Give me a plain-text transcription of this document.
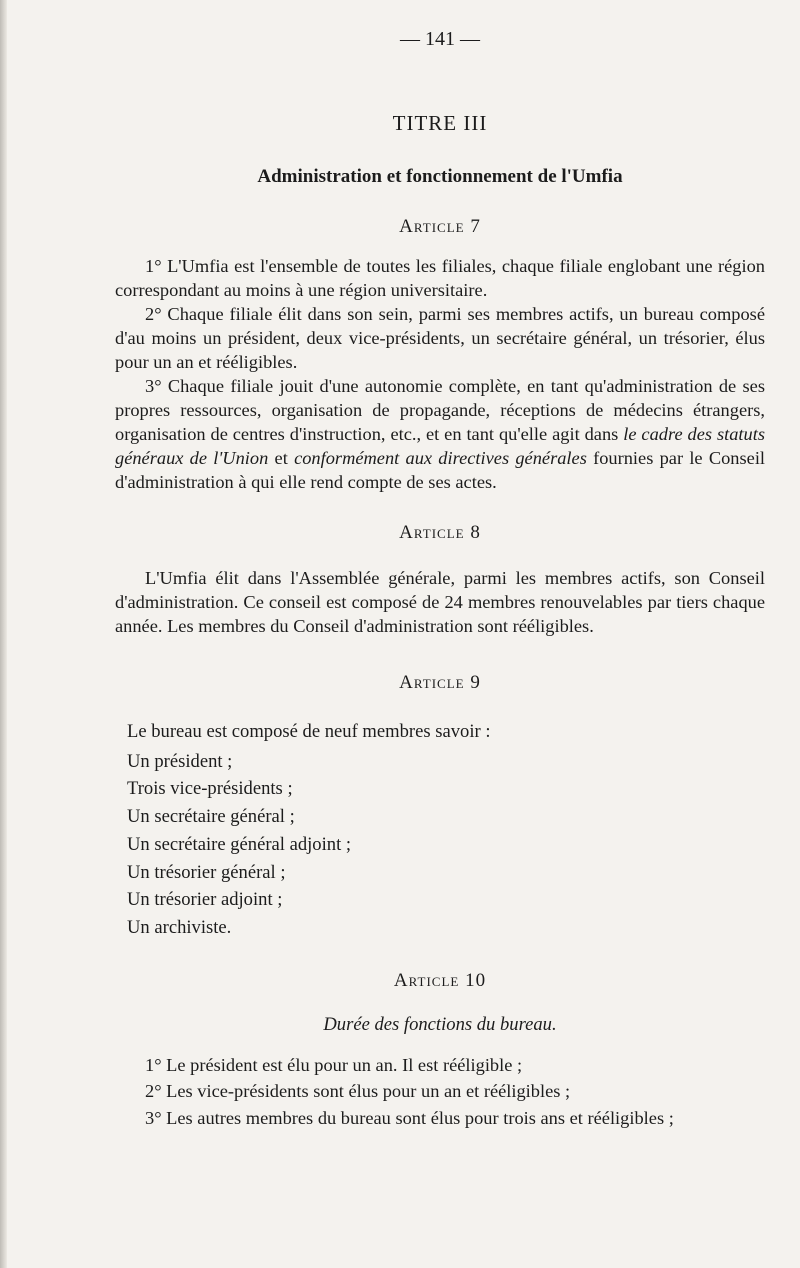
— 141 —
TITRE III
Administration et fonctionnement de l'Umfia
Article 7

1° L'Umfia est l'ensemble de toutes les filiales, chaque filiale englobant une région correspondant au moins à une région universitaire.

2° Chaque filiale élit dans son sein, parmi ses membres actifs, un bureau composé d'au moins un président, deux vice-présidents, un secrétaire général, un trésorier, élus pour un an et rééligibles.

3° Chaque filiale jouit d'une autonomie complète, en tant qu'administration de ses propres ressources, organisation de propagande, réceptions de médecins étrangers, organisation de centres d'instruction, etc., et en tant qu'elle agit dans le cadre des statuts généraux de l'Union et conformément aux directives générales fournies par le Conseil d'administration à qui elle rend compte de ses actes.

Article 8

L'Umfia élit dans l'Assemblée générale, parmi les membres actifs, son Conseil d'administration. Ce conseil est composé de 24 membres renouvelables par tiers chaque année. Les membres du Conseil d'administration sont rééligibles.

Article 9

Le bureau est composé de neuf membres savoir :

Un président ;

Trois vice-présidents ;

Un secrétaire général ;

Un secrétaire général adjoint ;

Un trésorier général ;

Un trésorier adjoint ;

Un archiviste.

Article 10
Durée des fonctions du bureau.

1° Le président est élu pour un an. Il est rééligible ;

2° Les vice-présidents sont élus pour un an et rééligibles ;

3° Les autres membres du bureau sont élus pour trois ans et rééligibles ;
